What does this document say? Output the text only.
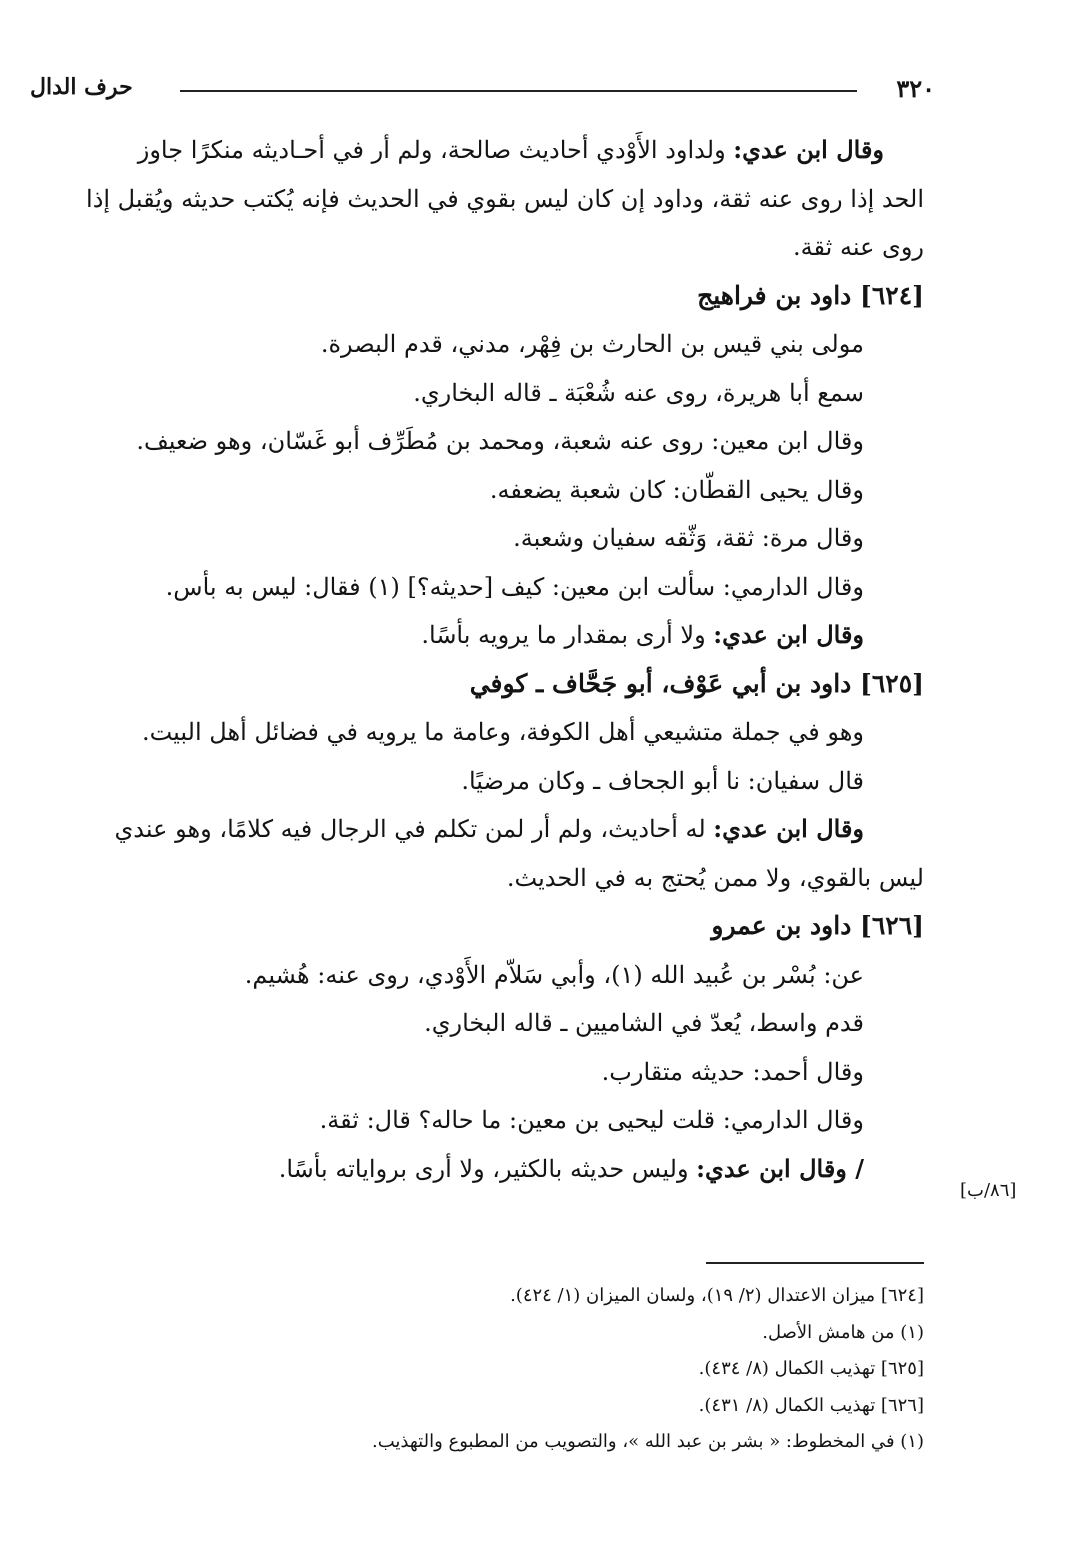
٣٢٠
حرف الدال
وقال ابن عدي: ولداود الأَوْدي أحاديث صالحة، ولم أر في أحـاديثه منكرًا جاوز
الحد إذا روى عنه ثقة، وداود إن كان ليس بقوي في الحديث فإنه يُكتب حديثه ويُقبل إذا
روى عنه ثقة.
[٦٢٤] داود بن فراهيج
مولى بني قيس بن الحارث بن فِهْر، مدني، قدم البصرة.
سمع أبا هريرة، روى عنه شُعْبَة ـ قاله البخاري.
وقال ابن معين: روى عنه شعبة، ومحمد بن مُطَرِّف أبو غَسّان، وهو ضعيف.
وقال يحيى القطّان: كان شعبة يضعفه.
وقال مرة: ثقة، وَثّقه سفيان وشعبة.
وقال الدارمي: سألت ابن معين: كيف [حديثه؟] (١) فقال: ليس به بأس.
وقال ابن عدي: ولا أرى بمقدار ما يرويه بأسًا.
[٦٢٥] داود بن أبي عَوْف، أبو جَحَّاف ـ كوفي
وهو في جملة متشيعي أهل الكوفة، وعامة ما يرويه في فضائل أهل البيت.
قال سفيان: نا أبو الجحاف ـ وكان مرضيًا.
وقال ابن عدي: له أحاديث، ولم أر لمن تكلم في الرجال فيه كلامًا، وهو عندي
ليس بالقوي، ولا ممن يُحتج به في الحديث.
[٦٢٦] داود بن عمرو
عن: بُسْر بن عُبيد الله (١)، وأبي سَلاّم الأَوْدي، روى عنه: هُشيم.
قدم واسط، يُعدّ في الشاميين ـ قاله البخاري.
وقال أحمد: حديثه متقارب.
وقال الدارمي: قلت ليحيى بن معين: ما حاله؟ قال: ثقة.
/ وقال ابن عدي: وليس حديثه بالكثير، ولا أرى برواياته بأسًا.
[٨٦/ب]
[٦٢٤] ميزان الاعتدال (٢/ ١٩)، ولسان الميزان (١/ ٤٢٤).
(١) من هامش الأصل.
[٦٢٥] تهذيب الكمال (٨/ ٤٣٤).
[٦٢٦] تهذيب الكمال (٨/ ٤٣١).
(١) في المخطوط: « بشر بن عبد الله »، والتصويب من المطبوع والتهذيب.
